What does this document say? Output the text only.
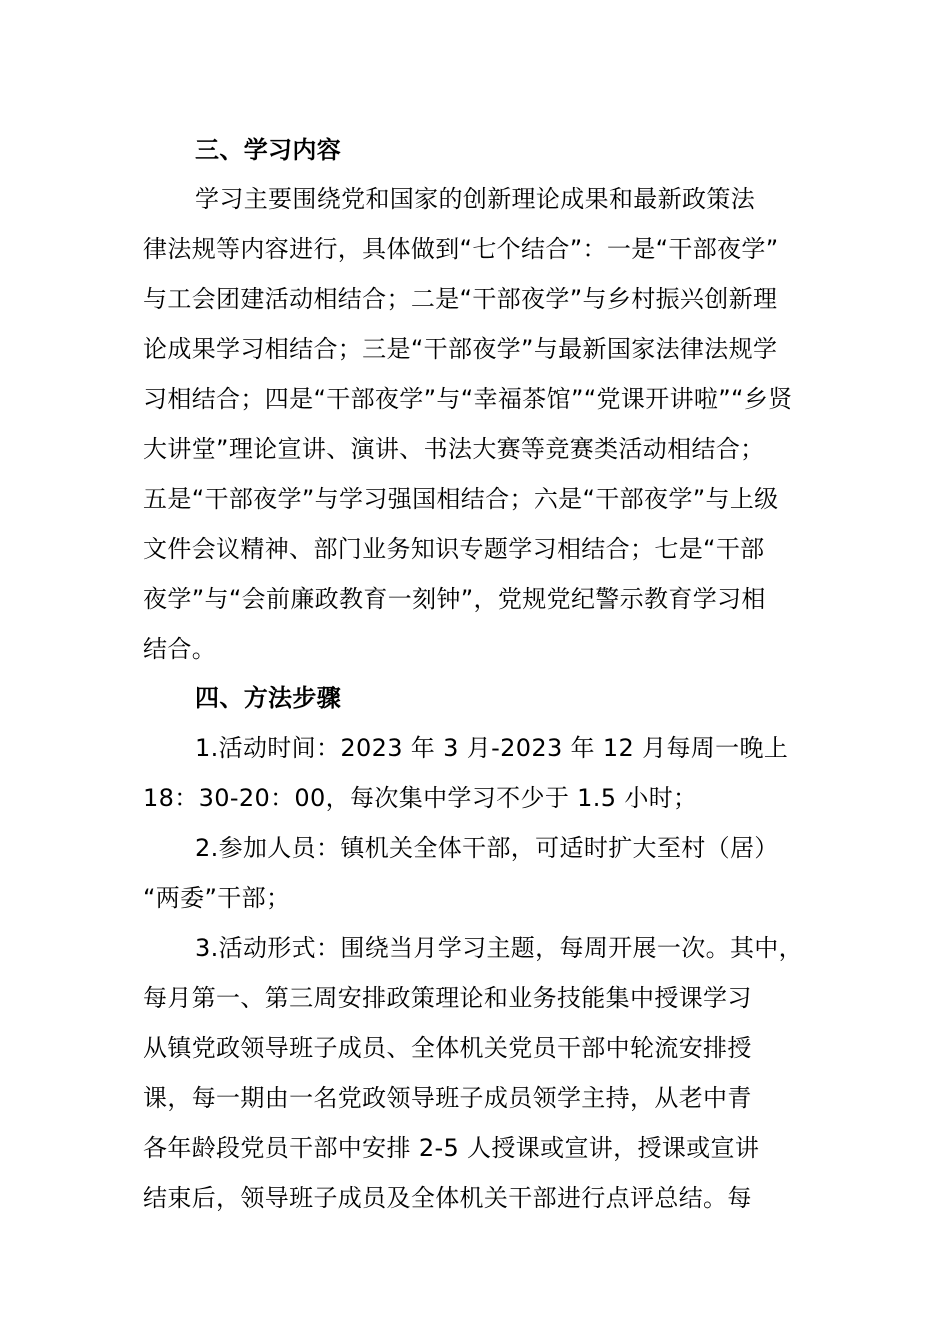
三、学习内容
学习主要围绕党和国家的创新理论成果和最新政策法
律法规等内容进行，具体做到“七个结合”：一是“干部夜学”
与工会团建活动相结合；二是“干部夜学”与乡村振兴创新理
论成果学习相结合；三是“干部夜学”与最新国家法律法规学
习相结合；四是“干部夜学”与“幸福茶馆”“党课开讲啦”“乡贤
大讲堂”理论宣讲、演讲、书法大赛等竞赛类活动相结合；
五是“干部夜学”与学习强国相结合；六是“干部夜学”与上级
文件会议精神、部门业务知识专题学习相结合；七是“干部
夜学”与“会前廉政教育一刻钟”，党规党纪警示教育学习相
结合。
四、方法步骤
1.活动时间：2023 年 3 月-2023 年 12 月每周一晚上
18：30-20：00，每次集中学习不少于 1.5 小时；
2.参加人员：镇机关全体干部，可适时扩大至村（居）
“两委”干部；
3.活动形式：围绕当月学习主题，每周开展一次。其中，
每月第一、第三周安排政策理论和业务技能集中授课学习
从镇党政领导班子成员、全体机关党员干部中轮流安排授
课，每一期由一名党政领导班子成员领学主持，从老中青
各年龄段党员干部中安排 2-5 人授课或宣讲，授课或宣讲
结束后，领导班子成员及全体机关干部进行点评总结。每
